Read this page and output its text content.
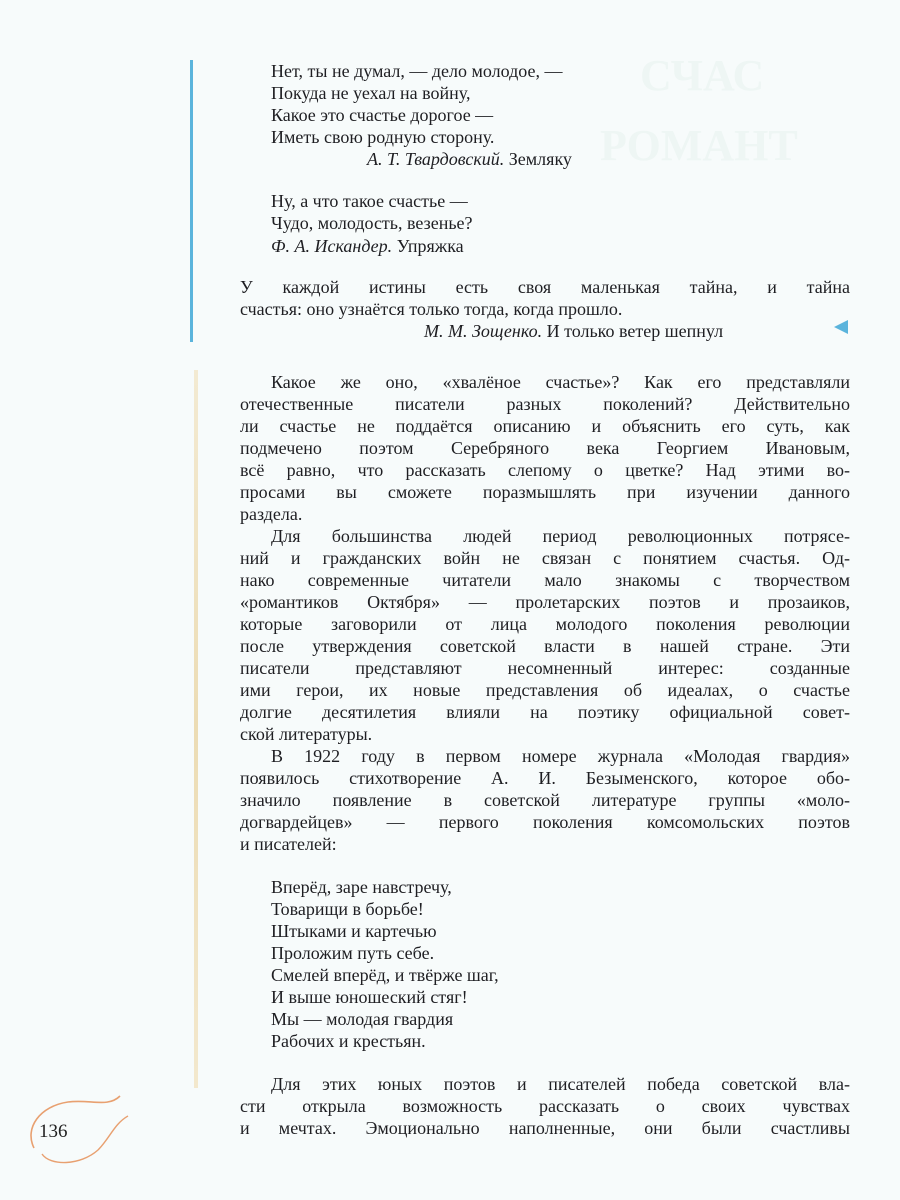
СЧАС
РОМАНТ
Нет, ты не думал, — дело молодое, —
Покуда не уехал на войну,
Какое это счастье дорогое —
Иметь свою родную сторону.
А. Т. Твардовский. Земляку
Ну, а что такое счастье —
Чудо, молодость, везенье?
Ф. А. Искандер. Упряжка
У каждой истины есть своя маленькая тайна, и тайна
счастья: оно узнаётся только тогда, когда прошло.
М. М. Зощенко. И только ветер шепнул
Какое же оно, «хвалёное счастье»? Как его представляли
отечественные писатели разных поколений? Действительно
ли счастье не поддаётся описанию и объяснить его суть, как
подмечено поэтом Серебряного века Георгием Ивановым,
всё равно, что рассказать слепому о цветке? Над этими во-
просами вы сможете поразмышлять при изучении данного
раздела.
Для большинства людей период революционных потрясе-
ний и гражданских войн не связан с понятием счастья. Од-
нако современные читатели мало знакомы с творчеством
«романтиков Октября» — пролетарских поэтов и прозаиков,
которые заговорили от лица молодого поколения революции
после утверждения советской власти в нашей стране. Эти
писатели представляют несомненный интерес: созданные
ими герои, их новые представления об идеалах, о счастье
долгие десятилетия влияли на поэтику официальной совет-
ской литературы.
В 1922 году в первом номере журнала «Молодая гвардия»
появилось стихотворение А. И. Безыменского, которое обо-
значило появление в советской литературе группы «моло-
догвардейцев» — первого поколения комсомольских поэтов
и писателей:
Вперёд, заре навстречу,
Товарищи в борьбе!
Штыками и картечью
Проложим путь себе.
Смелей вперёд, и твёрже шаг,
И выше юношеский стяг!
Мы — молодая гвардия
Рабочих и крестьян.
Для этих юных поэтов и писателей победа советской вла-
сти открыла возможность рассказать о своих чувствах
и мечтах. Эмоционально наполненные, они были счастливы
136
